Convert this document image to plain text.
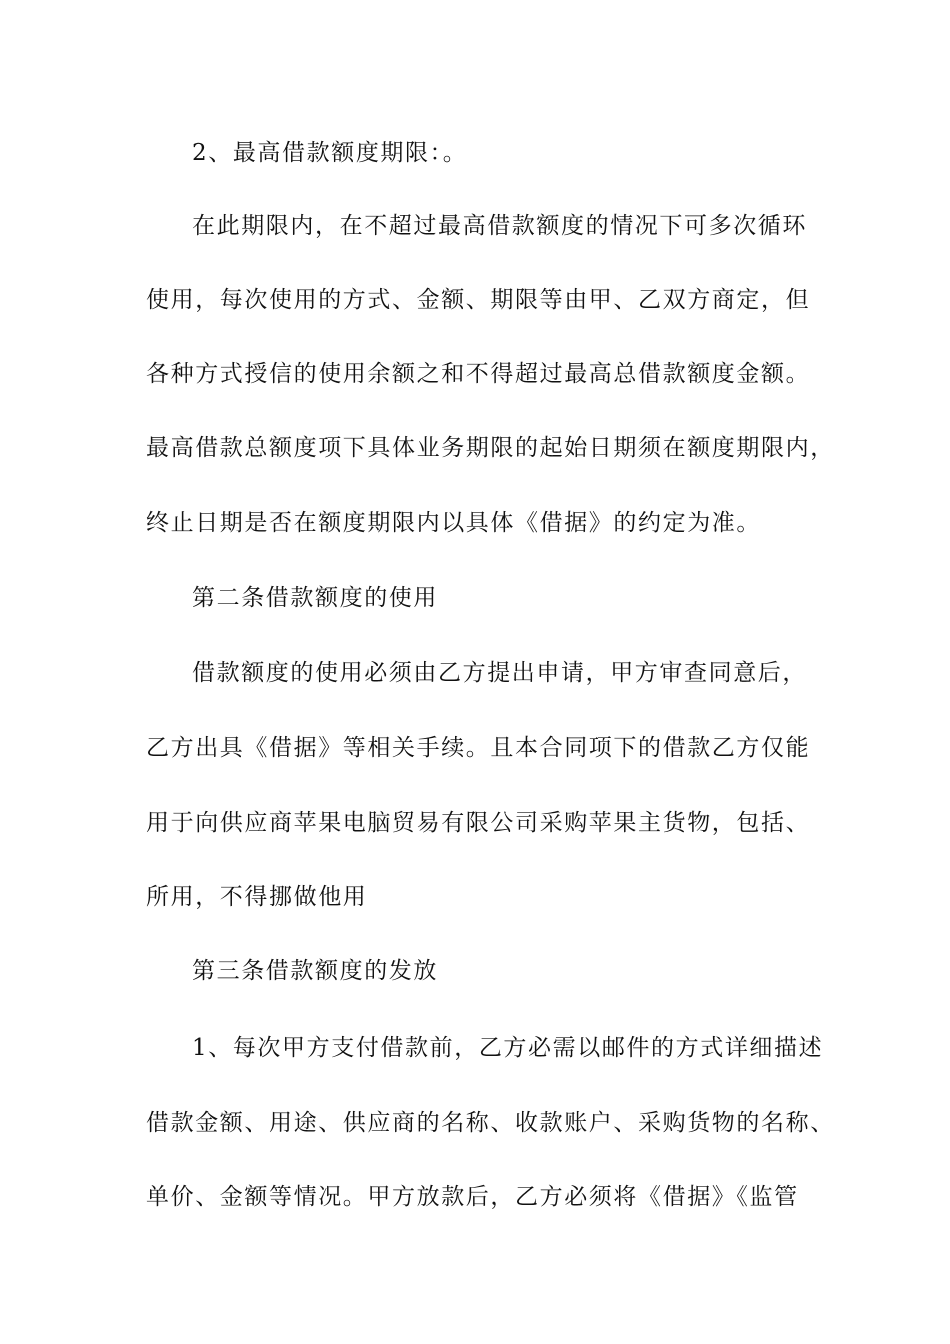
2、最高借款额度期限：。
在此期限内，在不超过最高借款额度的情况下可多次循环
使用，每次使用的方式、金额、期限等由甲、乙双方商定，但
各种方式授信的使用余额之和不得超过最高总借款额度金额。
最高借款总额度项下具体业务期限的起始日期须在额度期限内，
终止日期是否在额度期限内以具体《借据》的约定为准。
第二条借款额度的使用
借款额度的使用必须由乙方提出申请，甲方审查同意后，
乙方出具《借据》等相关手续。且本合同项下的借款乙方仅能
用于向供应商苹果电脑贸易有限公司采购苹果主货物，包括、
所用，不得挪做他用
第三条借款额度的发放
1、每次甲方支付借款前，乙方必需以邮件的方式详细描述
借款金额、用途、供应商的名称、收款账户、采购货物的名称、
单价、金额等情况。甲方放款后，乙方必须将《借据》《监管
